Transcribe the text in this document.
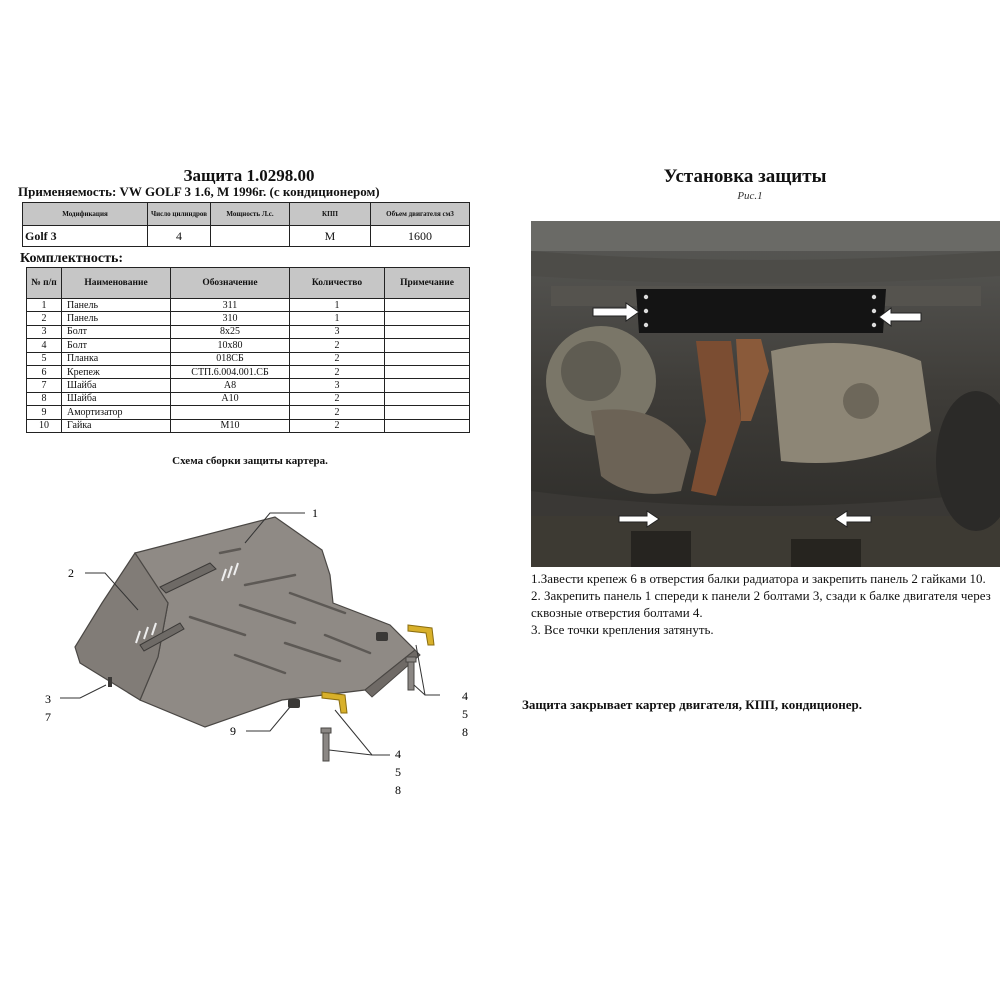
Защита 1.0298.00
Применяемость: VW GOLF 3 1.6, М 1996г. (с кондиционером)
Модификация	Число цилиндров	Мощность Л.с.	КПП	Объем двигателя см3
Golf 3	4		М	1600
Комплектность:
№ п/п	Наименование	Обозначение	Количество	Примечание
1	Панель	311	1	
2	Панель	310	1	
3	Болт	8х25	3	
4	Болт	10х80	2	
5	Планка	018СБ	2	
6	Крепеж	СТП.6.004.001.СБ	2	
7	Шайба	А8	3	
8	Шайба	А10	2	
9	Амортизатор		2	
10	Гайка	М10	2	
Схема сборки защиты картера.
1
2
3
7
9
4
5
8
4
5
8
Установка защиты
Рис.1
1.Завести крепеж 6 в отверстия балки радиатора и закрепить панель 2 гайками 10.
2. Закрепить панель 1 спереди к панели 2 болтами 3, сзади к балке двигателя через сквозные отверстия болтами 4.
3. Все точки крепления затянуть.
Защита закрывает картер двигателя, КПП, кондиционер.
